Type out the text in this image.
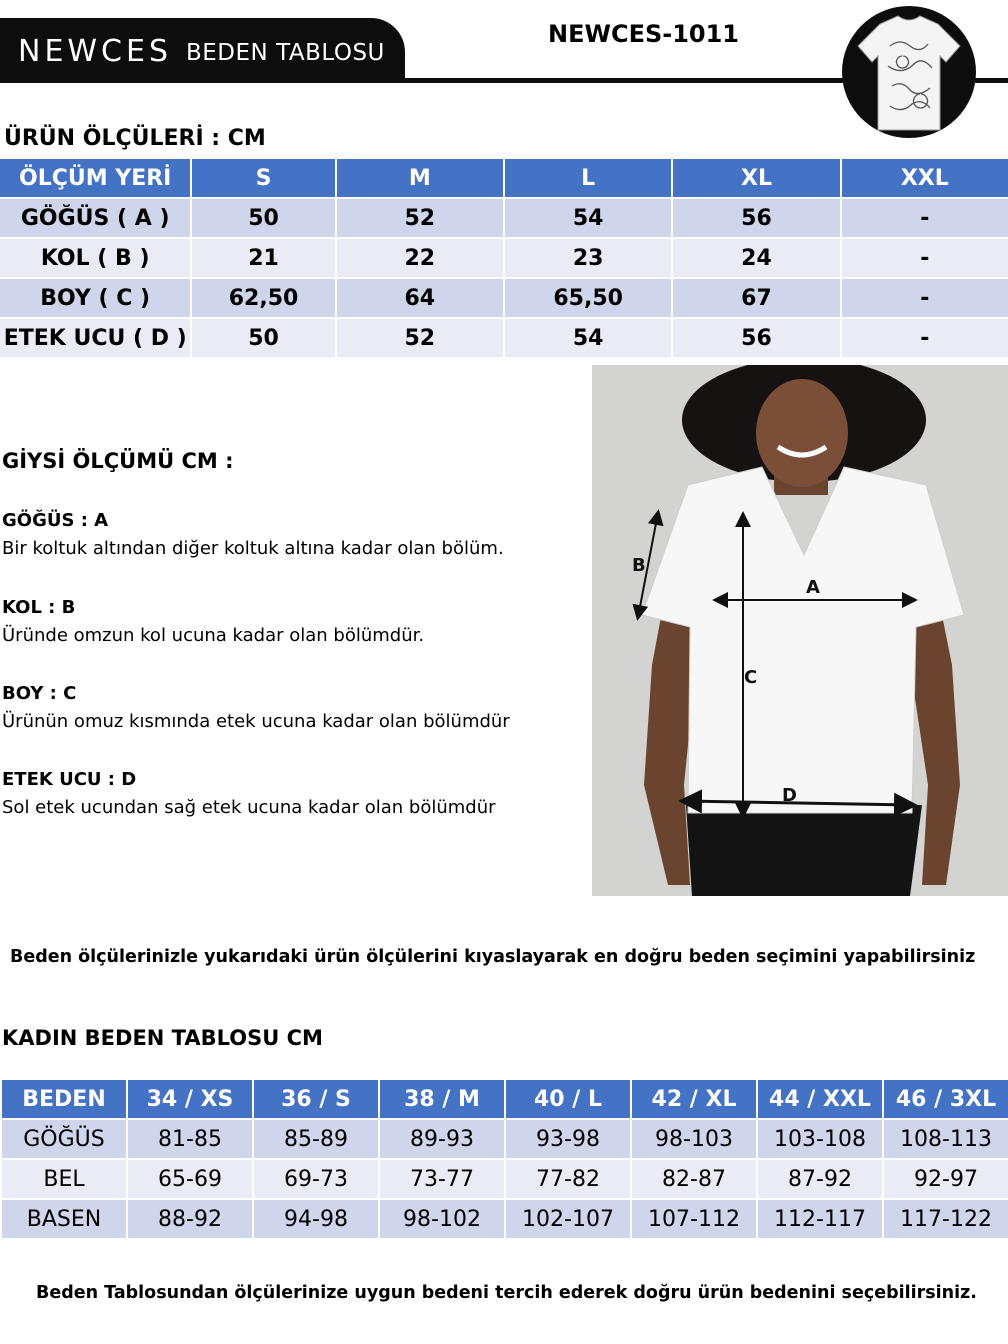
NEWCES BEDEN TABLOSU
NEWCES-1011
ÜRÜN ÖLÇÜLERİ : CM
ÖLÇÜM YERİ	S	M	L	XL	XXL
GÖĞÜS ( A )	50	52	54	56	-
KOL ( B )	21	22	23	24	-
BOY ( C )	62,50	64	65,50	67	-
ETEK UCU ( D )	50	52	54	56	-
GİYSİ ÖLÇÜMÜ CM :
GÖĞÜS : A
Bir koltuk altından diğer koltuk altına kadar olan bölüm.
KOL : B
Üründe omzun kol ucuna kadar olan bölümdür.
BOY : C
Ürünün omuz kısmında etek ucuna kadar olan bölümdür
ETEK UCU : D
Sol etek ucundan sağ etek ucuna kadar olan bölümdür
B
A
C
D
Beden ölçülerinizle yukarıdaki ürün ölçülerini kıyaslayarak en doğru beden seçimini yapabilirsiniz
KADIN BEDEN TABLOSU CM
BEDEN	34 / XS	36 / S	38 / M	40 / L	42 / XL	44 / XXL	46 / 3XL
GÖĞÜS	81-85	85-89	89-93	93-98	98-103	103-108	108-113
BEL	65-69	69-73	73-77	77-82	82-87	87-92	92-97
BASEN	88-92	94-98	98-102	102-107	107-112	112-117	117-122
Beden Tablosundan ölçülerinize uygun bedeni tercih ederek doğru ürün bedenini seçebilirsiniz.
